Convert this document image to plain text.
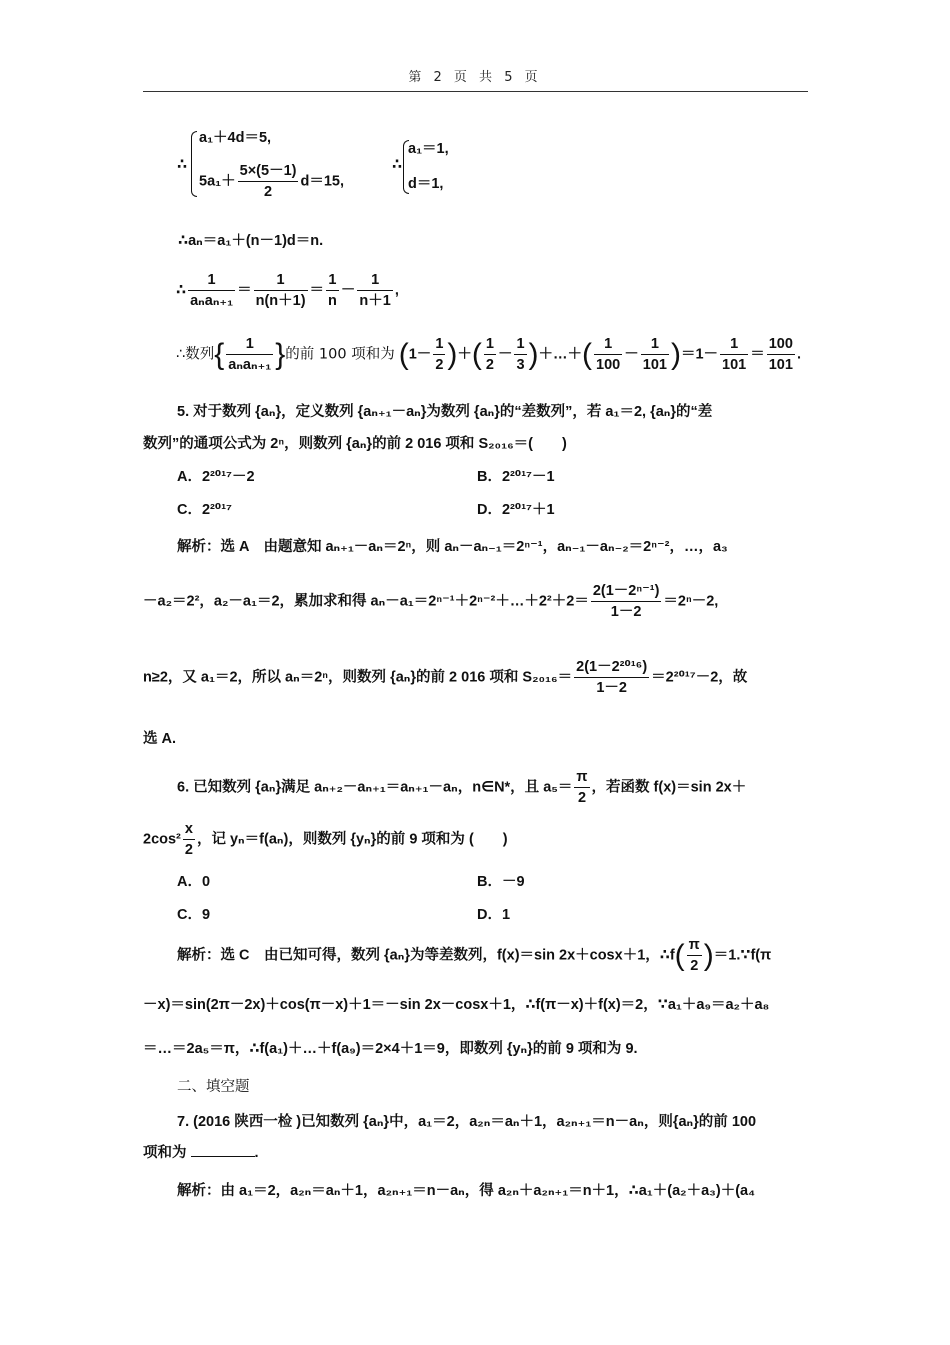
第 2 页 共 5 页
∴
a₁＋4d＝5,
$5a_1+ \frac{5\times(5-1)}{2} d=15$,
∴
a₁＝1,
d＝1,
∴aₙ＝a₁＋(n－1)d＝n.
∴ $\frac{1}{\text{aₙaₙ₊₁}} = \frac{1}{n(n+1)} = \frac{1}{n} - \frac{1}{n+1}$ ,
∴数列{ $\frac{1}{\text{aₙaₙ₊₁}}$ }的前 100 项和为 ($1- \frac{1}{2}$ )＋( $\frac{1}{2} - \frac{1}{3}$ )＋…＋( $\frac{1}{100} - \frac{1}{101} )=1- \frac{1}{101} = \frac{100}{101}$ .
5. 对于数列 {aₙ}，定义数列 {aₙ₊₁－aₙ}为数列 {aₙ}的“差数列”，若 a₁＝2, {aₙ}的“差
数列”的通项公式为 2ⁿ，则数列 {aₙ}的前 2 016 项和 S₂₀₁₆＝(　　)
A．2²⁰¹⁷－2	B．2²⁰¹⁷－1
C．2²⁰¹⁷	D．2²⁰¹⁷＋1
解析：选 A　由题意知 aₙ₊₁－aₙ＝2ⁿ，则 aₙ－aₙ₋₁＝2ⁿ⁻¹，aₙ₋₁－aₙ₋₂＝2ⁿ⁻²，…，a₃
－a₂＝2²，a₂－a₁＝2，累加求和得 aₙ－a₁＝2ⁿ⁻¹＋2ⁿ⁻²＋…＋2²＋2＝ $\frac{\text{2(1－2ⁿ⁻¹)}}{1-2} =2^n-2$,
n≥2，又 a₁＝2，所以 aₙ＝2ⁿ，则数列 {aₙ}的前 2 016 项和 $S_{2016}= \frac{\text{2(1－2²⁰¹⁶)}}{1-2} =2^{2017}-2$，故
选 A.
6. 已知数列 {aₙ}满足 aₙ₊₂－aₙ₊₁＝aₙ₊₁－aₙ，n∈N*，且 $a_5= \frac{\pi}{2}$ ，若函数 f(x)＝sin 2x＋
$2\cos^2 \frac{x}{2}$ ，记 yₙ＝f(aₙ)，则数列 {yₙ}的前 9 项和为 (　　)
A．0	B．－9
C．9	D．1
解析：选 C　由已知可得，数列 {aₙ}为等差数列，f(x)＝sin 2x＋cosx＋1，∴f( $\frac{\pi}{2}$ )＝1.∵f(π
－x)＝sin(2π－2x)＋cos(π－x)＋1＝－sin 2x－cosx＋1，∴f(π－x)＋f(x)＝2，∵a₁＋a₉＝a₂＋a₈
＝…＝2a₅＝π，∴f(a₁)＋…＋f(a₉)＝2×4＋1＝9，即数列 {yₙ}的前 9 项和为 9.
二、填空题
7. (2016 陕西一检 )已知数列 {aₙ}中，a₁＝2，a₂ₙ＝aₙ＋1，a₂ₙ₊₁＝n－aₙ，则{aₙ}的前 100
项和为	.
解析：由 a₁＝2，a₂ₙ＝aₙ＋1，a₂ₙ₊₁＝n－aₙ，得 a₂ₙ＋a₂ₙ₊₁＝n＋1，∴a₁＋(a₂＋a₃)＋(a₄
